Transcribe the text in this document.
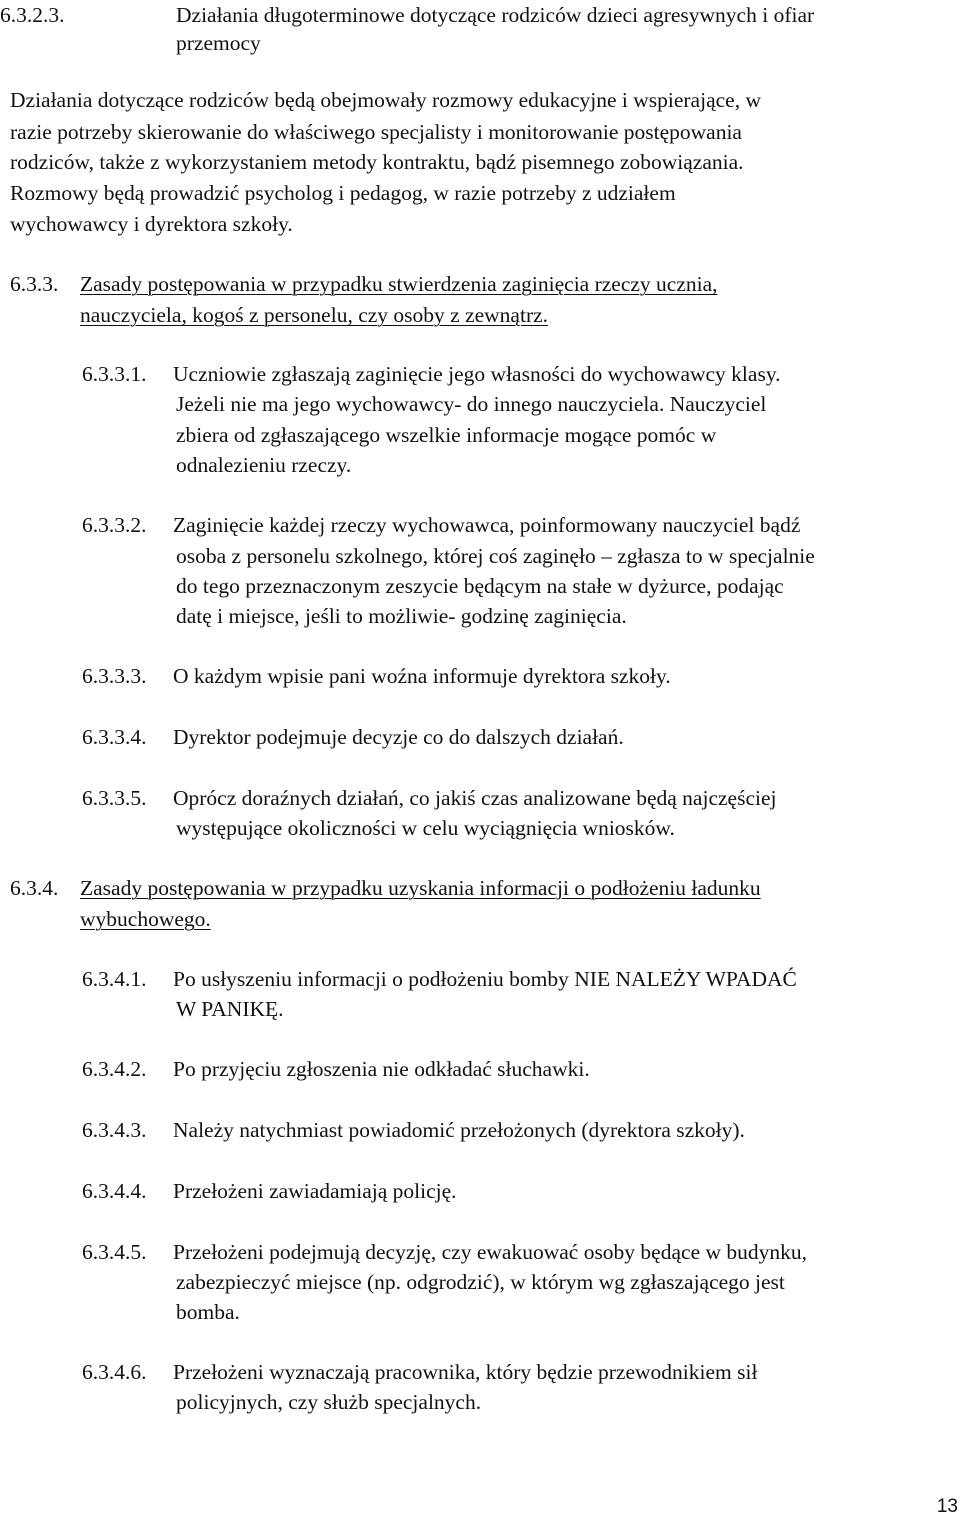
6.3.2.3.	Działania długoterminowe dotyczące rodziców dzieci agresywnych i ofiar
przemocy
Działania dotyczące rodziców będą obejmowały rozmowy edukacyjne i wspierające, w
razie potrzeby skierowanie do właściwego specjalisty i monitorowanie postępowania
rodziców, także z wykorzystaniem metody kontraktu, bądź pisemnego zobowiązania.
Rozmowy będą prowadzić psycholog i pedagog, w razie potrzeby z udziałem
wychowawcy i dyrektora szkoły.
6.3.3. Zasady postępowania w przypadku stwierdzenia zaginięcia rzeczy ucznia,
nauczyciela, kogoś z personelu, czy osoby z zewnątrz.
6.3.3.1. Uczniowie zgłaszają zaginięcie jego własności do wychowawcy klasy.
Jeżeli nie ma jego wychowawcy- do innego nauczyciela. Nauczyciel
zbiera od zgłaszającego wszelkie informacje mogące pomóc w
odnalezieniu rzeczy.
6.3.3.2. Zaginięcie każdej rzeczy wychowawca, poinformowany nauczyciel bądź
osoba z personelu szkolnego, której coś zaginęło – zgłasza to w specjalnie
do tego przeznaczonym zeszycie będącym na stałe w dyżurce, podając
datę i miejsce, jeśli to możliwie- godzinę zaginięcia.
6.3.3.3. O każdym wpisie pani woźna informuje dyrektora szkoły.
6.3.3.4. Dyrektor podejmuje decyzje co do dalszych działań.
6.3.3.5. Oprócz doraźnych działań, co jakiś czas analizowane będą najczęściej
występujące okoliczności w celu wyciągnięcia wniosków.
6.3.4. Zasady postępowania w przypadku uzyskania informacji o podłożeniu ładunku
wybuchowego.
6.3.4.1. Po usłyszeniu informacji o podłożeniu bomby NIE NALEŻY WPADAĆ
W PANIKĘ.
6.3.4.2. Po przyjęciu zgłoszenia nie odkładać słuchawki.
6.3.4.3. Należy natychmiast powiadomić przełożonych (dyrektora szkoły).
6.3.4.4. Przełożeni zawiadamiają policję.
6.3.4.5. Przełożeni podejmują decyzję, czy ewakuować osoby będące w budynku,
zabezpieczyć miejsce (np. odgrodzić), w którym wg zgłaszającego jest
bomba.
6.3.4.6. Przełożeni wyznaczają pracownika, który będzie przewodnikiem sił
policyjnych, czy służb specjalnych.
13
